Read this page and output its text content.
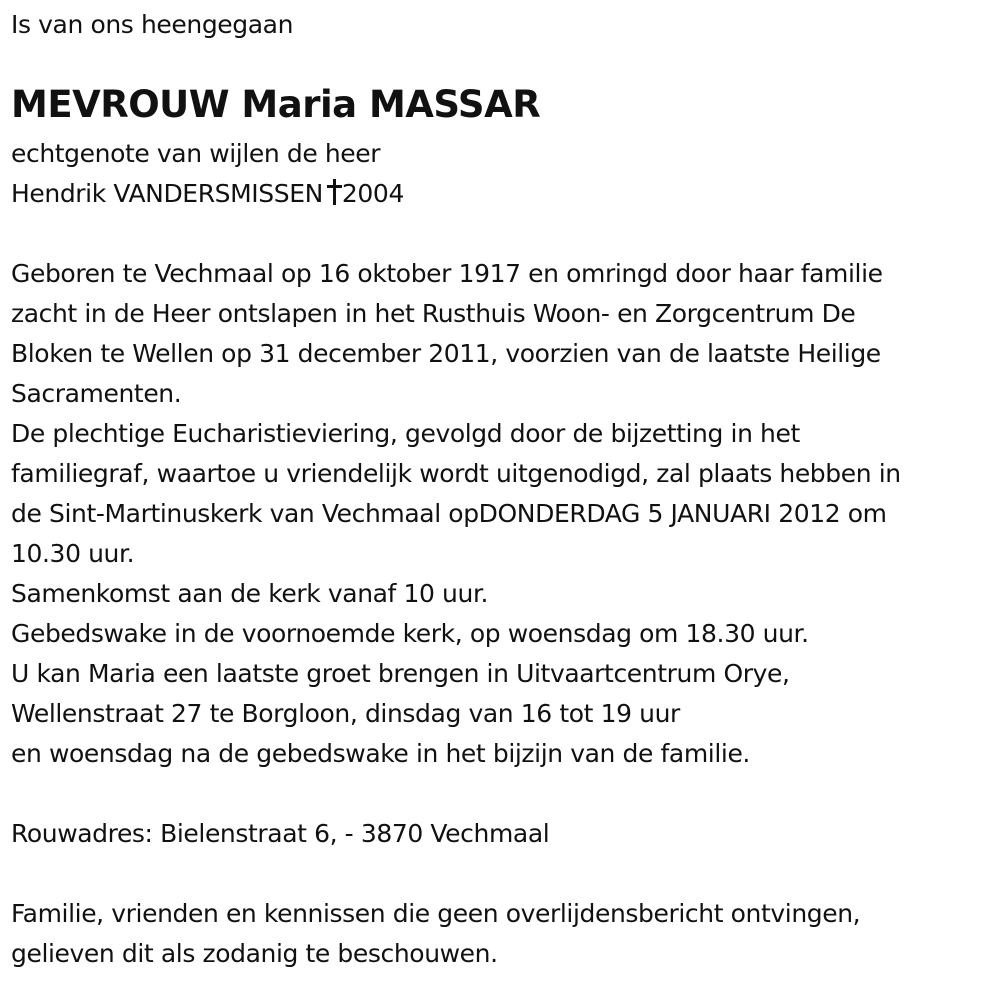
Is van ons heengegaan
MEVROUW Maria MASSAR
echtgenote van wijlen de heer
Hendrik VANDERSMISSEN 2004
Geboren te Vechmaal op 16 oktober 1917 en omringd door haar familie
zacht in de Heer ontslapen in het Rusthuis Woon- en Zorgcentrum De
Bloken te Wellen op 31 december 2011, voorzien van de laatste Heilige
Sacramenten.
De plechtige Eucharistieviering, gevolgd door de bijzetting in het
familiegraf, waartoe u vriendelijk wordt uitgenodigd, zal plaats hebben in
de Sint-Martinuskerk van Vechmaal opDONDERDAG 5 JANUARI 2012 om
10.30 uur.
Samenkomst aan de kerk vanaf 10 uur.
Gebedswake in de voornoemde kerk, op woensdag om 18.30 uur.
U kan Maria een laatste groet brengen in Uitvaartcentrum Orye,
Wellenstraat 27 te Borgloon, dinsdag van 16 tot 19 uur
en woensdag na de gebedswake in het bijzijn van de familie.
Rouwadres: Bielenstraat 6, - 3870 Vechmaal
Familie, vrienden en kennissen die geen overlijdensbericht ontvingen,
gelieven dit als zodanig te beschouwen.
